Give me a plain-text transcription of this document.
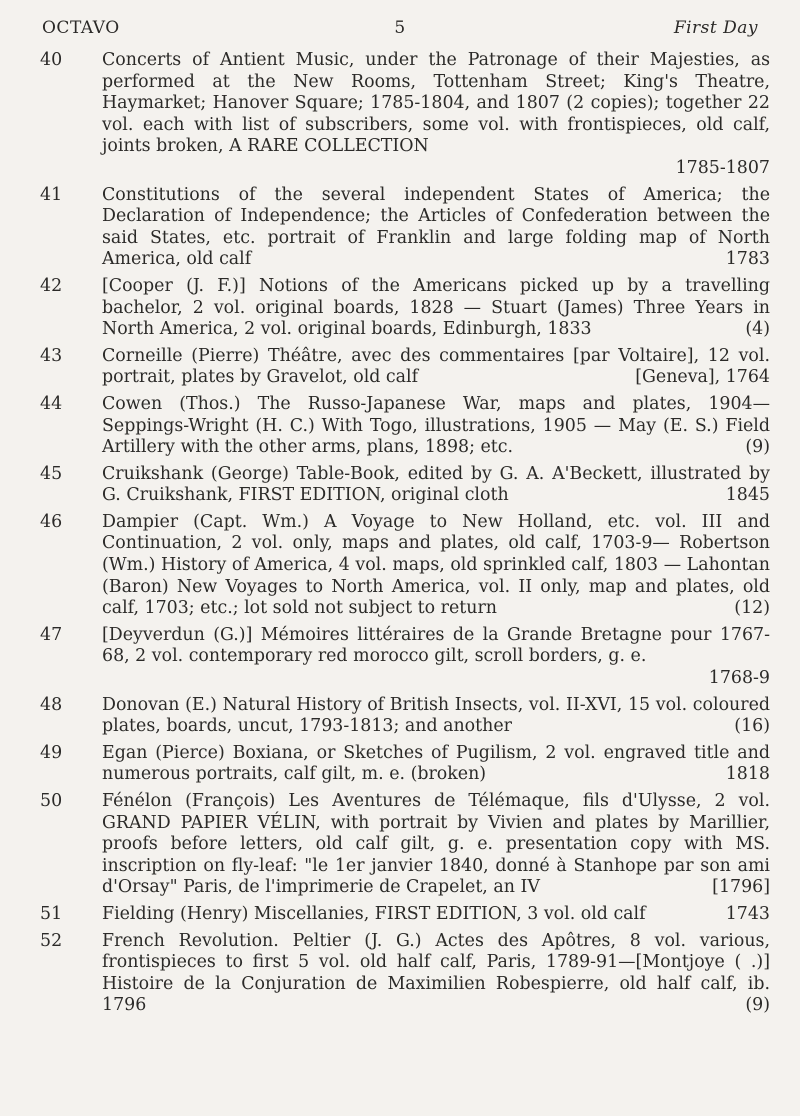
OCTAVO	5	First Day
40	Concerts of Antient Music, under the Patronage of their Majesties, as performed at the New Rooms, Tottenham Street; King's Theatre, Haymarket; Hanover Square; 1785-1804, and 1807 (2 copies); together 22 vol. each with list of subscribers, some vol. with frontispieces, old calf, joints broken, A RARE COLLECTION
1785-1807
41	Constitutions of the several independent States of America; the Declaration of Independence; the Articles of Confederation between the said States, etc. portrait of Franklin and large folding map of North America, old calf	1783
42	[Cooper (J. F.)] Notions of the Americans picked up by a travelling bachelor, 2 vol. original boards, 1828 — Stuart (James) Three Years in North America, 2 vol. original boards, Edinburgh, 1833	(4)
43	Corneille (Pierre) Théâtre, avec des commentaires [par Voltaire], 12 vol. portrait, plates by Gravelot, old calf	[Geneva], 1764
44	Cowen (Thos.) The Russo-Japanese War, maps and plates, 1904— Seppings-Wright (H. C.) With Togo, illustrations, 1905 — May (E. S.) Field Artillery with the other arms, plans, 1898; etc.	(9)
45	Cruikshank (George) Table-Book, edited by G. A. A'Beckett, illustrated by G. Cruikshank, FIRST EDITION, original cloth	1845
46	Dampier (Capt. Wm.) A Voyage to New Holland, etc. vol. III and Continuation, 2 vol. only, maps and plates, old calf, 1703-9— Robertson (Wm.) History of America, 4 vol. maps, old sprinkled calf, 1803 — Lahontan (Baron) New Voyages to North America, vol. II only, map and plates, old calf, 1703; etc.; lot sold not subject to return	(12)
47	[Deyverdun (G.)] Mémoires littéraires de la Grande Bretagne pour 1767-68, 2 vol. contemporary red morocco gilt, scroll borders, g. e.
1768-9
48	Donovan (E.) Natural History of British Insects, vol. II-XVI, 15 vol. coloured plates, boards, uncut, 1793-1813; and another	(16)
49	Egan (Pierce) Boxiana, or Sketches of Pugilism, 2 vol. engraved title and numerous portraits, calf gilt, m. e. (broken)	1818
50	Fénélon (François) Les Aventures de Télémaque, fils d'Ulysse, 2 vol. GRAND PAPIER VÉLIN, with portrait by Vivien and plates by Marillier, proofs before letters, old calf gilt, g. e. presentation copy with MS. inscription on fly-leaf: "le 1er janvier 1840, donné à Stanhope par son ami d'Orsay" Paris, de l'imprimerie de Crapelet, an IV	[1796]
51	Fielding (Henry) Miscellanies, FIRST EDITION, 3 vol. old calf	1743
52	French Revolution. Peltier (J. G.) Actes des Apôtres, 8 vol. various, frontispieces to first 5 vol. old half calf, Paris, 1789-91—[Montjoye ( .)] Histoire de la Conjuration de Maximilien Robespierre, old half calf, ib. 1796	(9)
